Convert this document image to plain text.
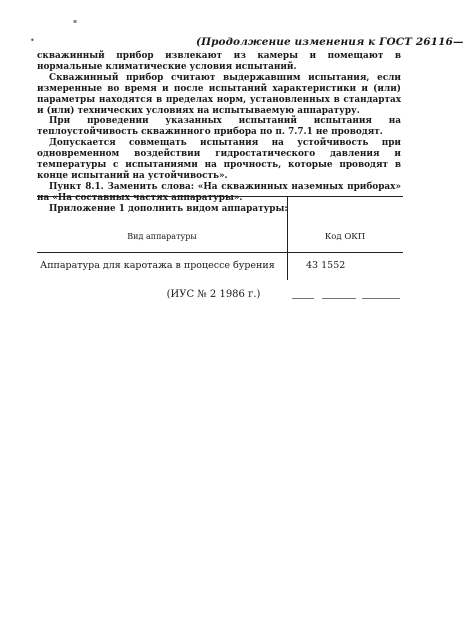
▪
•	(Продолжение изменения к ГОСТ 26116—

скважинный прибор извлекают из камеры и помещают в нормальные климатические условия испытаний.

Скважинный прибор считают выдержавшим испытания, если измеренные во время и после испытаний характеристики и (или) параметры находятся в пределах норм, установленных в стандартах и (или) технических условиях на испытываемую аппаратуру.

При проведении указанных испытаний испытания на теплоустойчивость скважинного прибора по п. 7.7.1 не проводят.

Допускается совмещать испытания на устойчивость при одновременном воздействии гидростатического давления и температуры с испытаниями на прочность, которые проводят в конце испытаний на устойчивость».

Пункт 8.1. Заменить слова: «На скважинных наземных приборах» на «На составных частях аппаратуры».

Приложение 1 дополнить видом аппаратуры:

Вид аппаратуры	Код ОКП
Аппаратура для каротажа в процессе бурения	43 1552
(ИУС № 2 1986 г.)
